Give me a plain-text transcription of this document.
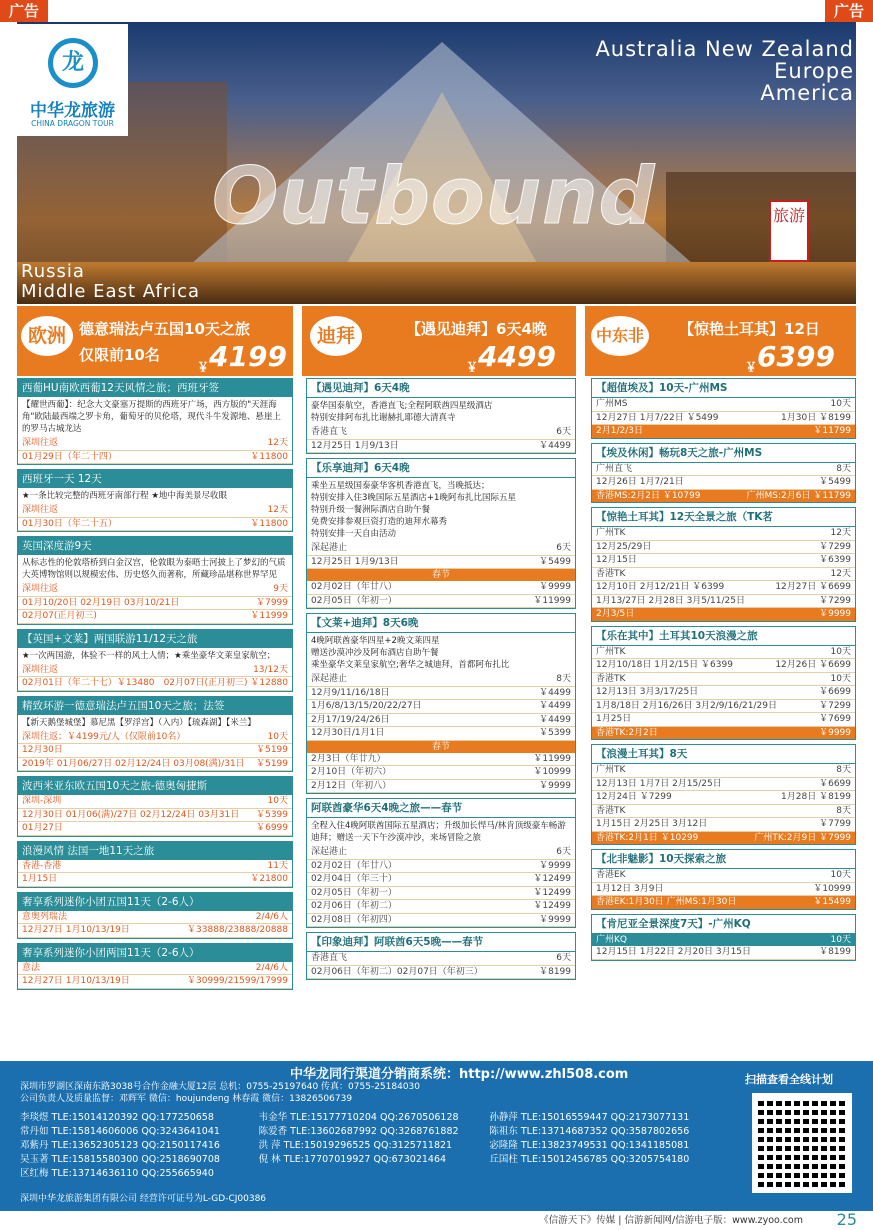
广告	广告
Outbound
龙
中华龙旅游
CHINA DRAGON TOUR
Australia New Zealand
Europe
America
Russia
Middle East Africa
旅游
欧洲 德意瑞法卢五国10天之旅
仅限前10名
￥ 4199
迪拜	【遇见迪拜】6天4晚
￥ 4499
中东非	【惊艳土耳其】12日
￥ 6399
西葡HU南欧西葡12天风情之旅；西班牙签
【耀世西葡】：纪念大文豪塞万提斯的西班牙广场，西方版的"天涯海角"欧陆最西端之罗卡角，葡萄牙的贝伦塔，现代斗牛发源地、悬崖上的罗马古城龙达
深圳往返	12天
01月29日（年二十四）	￥11800
西班牙一天 12天
★一条比较完整的西班牙南部行程 ★地中海美景尽收眼
深圳往返	12天
01月30日（年二十五）	￥11800
英国深度游9天
从标志性的伦敦塔桥到白金汉宫，伦敦眼为泰晤士河披上了梦幻的气质大英博物馆则以规模宏伟、历史悠久而著称，所藏珍品堪称世界罕见
深圳往返	9天
01月10/20日 02月19日 03月10/21日	￥7999
02月07(正月初三)	￥11999
【英国+文莱】两国联游11/12天之旅
★一次两国游，体验不一样的风土人情；★乘坐豪华文莱皇家航空；
深圳往返	13/12天
02月01日（年二十七）￥13480 02月07日(正月初三) ￥12880
精致环游一德意瑞法卢五国10天之旅；法签
【新天鹅堡城堡】慕尼黑【罗浮宫】（入内）【琉森湖】【米兰】
深圳往返；￥4199元/人（仅限前10名）	10天
12月30日	￥5199
2019年 01月06/27日 02月12/24日 03月08(满)/31日 ￥5199
波西米亚东欧五国10天之旅-德奥匈捷斯
深圳-深圳	10天
12月30日 01月06(满)/27日 02月12/24日 03月31日 ￥5399
01月27日	￥6999
浪漫风情 法国一地11天之旅
香港-香港	11天
1月15日	￥21800
奢享系列迷你小团五国11天（2-6人）
意奥列瑞法	2/4/6人
12月27日 1月10/13/19日	￥33888/23888/20888
奢享系列迷你小团两国11天（2-6人）
意法	2/4/6人
12月27日 1月10/13/19日	￥30999/21599/17999
【遇见迪拜】6天4晚
豪华国泰航空，香港直飞;全程阿联酋四星级酒店
特别安排阿布扎比谢赫扎耶德大清真寺
香港直飞	6天
12月25日 1月9/13日	￥4499
【乐享迪拜】6天4晚
乘坐五星级国泰豪华客机香港直飞，当晚抵达；
特别安排入住3晚国际五星酒店+1晚阿布扎比国际五星
特别升级一餐洲际酒店自助午餐
免费安排参观巨资打造的迪拜水幕秀
特别安排一天自由活动
深起港止	6天
12月25日 1月9/13日	￥5499
春节
02月02日（年廿八）	￥9999
02月05日（年初一）	￥11999
【文莱+迪拜】8天6晚
4晚阿联酋豪华四星+2晚文莱四星
赠送沙漠冲沙及阿布酒店自助午餐
乘坐豪华文莱皇家航空;奢华之城迪拜，首都阿布扎比
深起港止	8天
12月9/11/16/18日	￥4499
1月6/8/13/15/20/22/27日	￥4499
2月17/19/24/26日	￥4499
12月30日/1月1日	￥5399
春节
2月3日（年廿九）	￥11999
2月10日（年初六）	￥10999
2月12日（年初八）	￥9999
阿联酋豪华6天4晚之旅——春节
全程入住4晚阿联酋国际五星酒店；升级加长悍马/林肯顶级豪车畅游迪拜；赠送一天下午沙漠冲沙，来场冒险之旅
深起港止	6天
02月02日（年廿八）	￥9999
02月04日（年三十）	￥12499
02月05日（年初一）	￥12499
02月06日（年初二）	￥12499
02月08日（年初四）	￥9999
【印象迪拜】阿联酋6天5晚——春节
香港直飞	6天
02月06日（年初二）02月07日（年初三）	￥8199
【超值埃及】10天-广州MS
广州MS	10天
12月27日 1月7/22日 ￥5499	1月30日 ￥8199
2月1/2/3日	￥11799
【埃及休闲】畅玩8天之旅-广州MS
广州直飞	8天
12月26日 1月7/21日	￥5499
香港MS:2月2日 ￥10799	广州MS:2月6日 ￥11799
【惊艳土耳其】12天全景之旅（TK茗
广州TK	12天
12月25/29日	￥7299
12月15日	￥6399
香港TK	12天
12月10日 2月12/21日 ￥6399	12月27日 ￥6699
1月13/27日 2月28日 3月5/11/25日	￥7299
2月3/5日	￥9999
【乐在其中】土耳其10天浪漫之旅
广州TK	10天
12月10/18日 1月2/15日 ￥6399	12月26日 ￥6699
香港TK	10天
12月13日 3月3/17/25日	￥6699
1月8/18日 2月16/26日 3月2/9/16/21/29日	￥7299
1月25日	￥7699
香港TK:2月2日	￥9999
【浪漫土耳其】8天
广州TK	8天
12月13日 1月7日 2月15/25日	￥6699
12月24日 ￥7299	1月28日 ￥8199
香港TK	8天
1月15日 2月25日 3月12日	￥7799
香港TK:2月1日 ￥10299	广州TK:2月9日 ￥7999
【北非魅影】10天探索之旅
香港EK	10天
1月12日 3月9日	￥10999
香港EK:1月30日 广州MS:1月30日	￥15499
【肯尼亚全景深度7天】-广州KQ
广州KQ	10天
12月15日 1月22日 2月20日 3月15日	￥8199
中华龙同行渠道分销商系统：http://www.zhl508.com
深圳市罗湖区深南东路3038号合作金融大厦12层 总机：0755-25197640 传真：0755-25184030
公司负责人及质量监督：邓辉军 微信：houjundeng 林春霞 微信：13826506739
李琰煜 TLE:15014120392 QQ:177250658	韦金华 TLE:15177710204 QQ:2670506128	孙静萍 TLE:15016559447 QQ:2173077131
常丹如 TLE:15814606006 QQ:3243641041	陈爱香 TLE:13602687992 QQ:3268761882	陈祖东 TLE:13714687352 QQ:3587802656
邓紫丹 TLE:13652305123 QQ:2150117416	洪 萍 TLE:15019296525 QQ:3125711821	宓隆隆 TLE:13823749531 QQ:1341185081
吴玉著 TLE:15815580300 QQ:2518690708	倪 林 TLE:17707019927 QQ:673021464	丘国柱 TLE:15012456785 QQ:3205754180
区红梅 TLE:13714636110 QQ:255665940
扫描查看全线计划
深圳中华龙旅游集团有限公司 经营许可证号为L-GD-CJ00386
《信游天下》传媒 | 信游新闻网/信游电子版：www.zyoo.com	25
